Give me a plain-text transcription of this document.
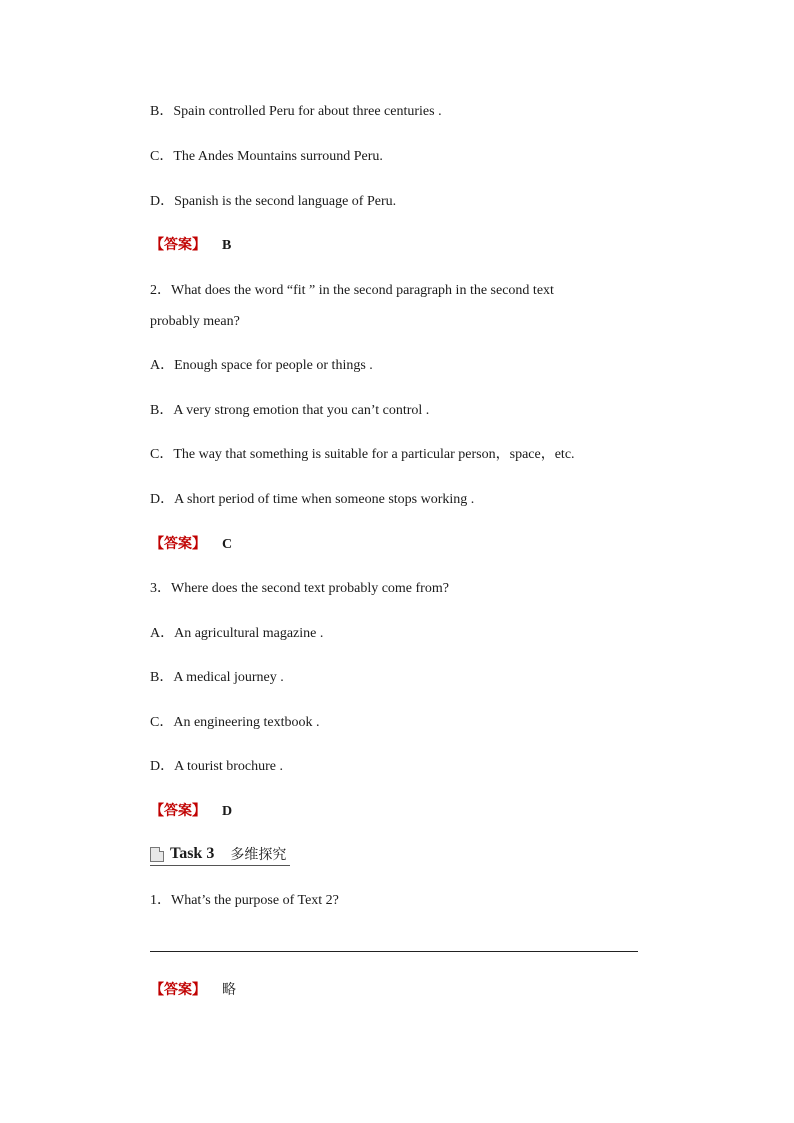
B．Spain controlled Peru for about three centuries .
C．The Andes Mountains surround Peru.
D．Spanish is the second language of Peru.
【答案】 B
2．What does the word “fit ” in the second paragraph in the second text
probably mean?
A．Enough space for people or things .
B．A very strong emotion that you can’t control .
C．The way that something is suitable for a particular person，space，etc.
D．A short period of time when someone stops working .
【答案】 C
3．Where does the second text probably come from?
A．An agricultural magazine .
B．A medical journey .
C．An engineering textbook .
D．A tourist brochure .
【答案】 D
Task 3 多维探究
1．What’s the purpose of Text 2?
【答案】 略
